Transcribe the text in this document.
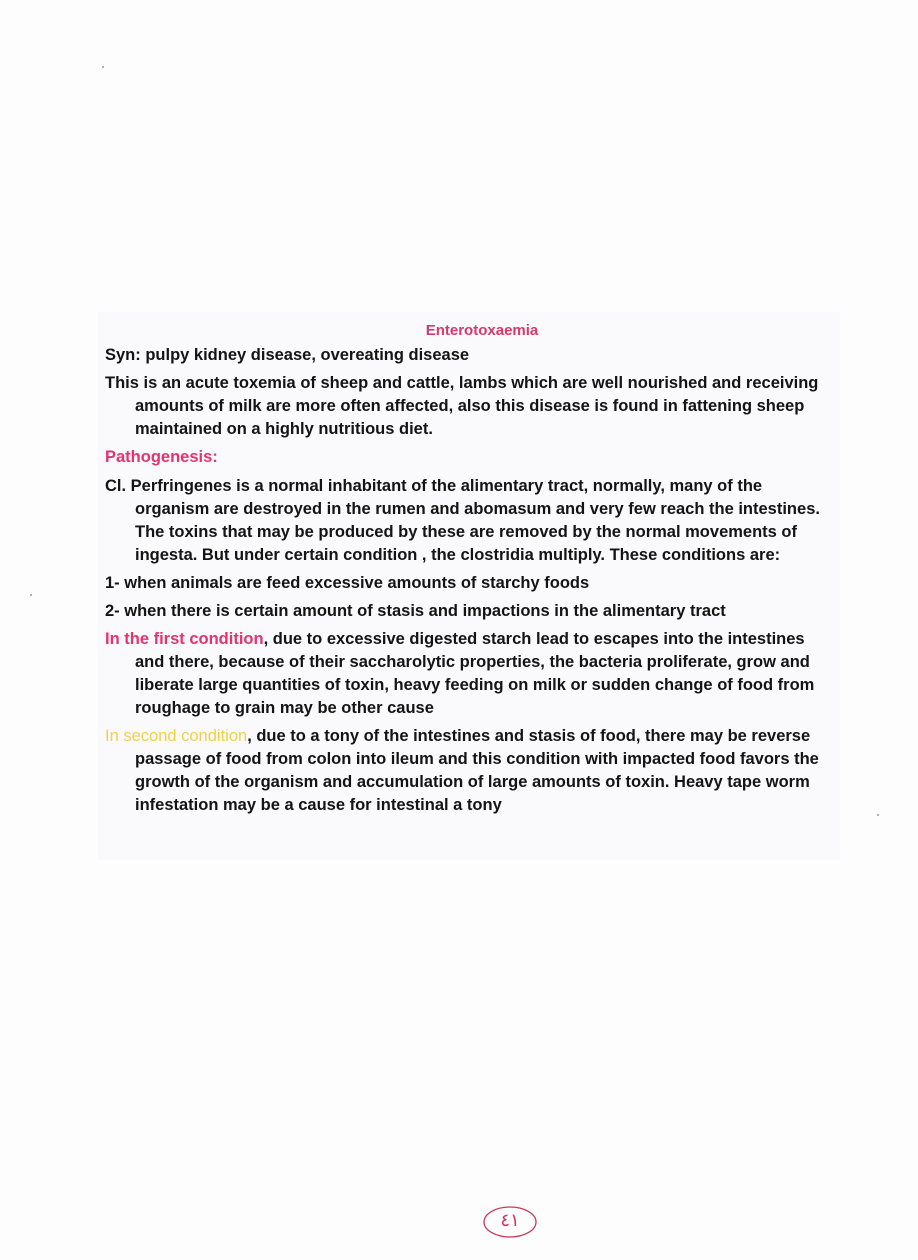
Enterotoxaemia

Syn: pulpy kidney disease, overeating disease

This is an acute toxemia of sheep and cattle, lambs which are well nourished and receiving amounts of milk are more often affected, also this disease is found in fattening sheep maintained on a highly nutritious diet.

Pathogenesis:

Cl. Perfringenes is a normal inhabitant of the alimentary tract, normally, many of the organism are destroyed in the rumen and abomasum and very few reach the intestines. The toxins that may be produced by these are removed by the normal movements of ingesta. But under certain condition , the clostridia multiply. These conditions are:

1- when animals are feed excessive amounts of starchy foods

2- when there is certain amount of stasis and impactions in the alimentary tract

In the first condition, due to excessive digested starch lead to escapes into the intestines and there, because of their saccharolytic properties, the bacteria proliferate, grow and liberate large quantities of toxin, heavy feeding on milk or sudden change of food from roughage to grain may be other cause

In second condition, due to a tony of the intestines and stasis of food, there may be reverse passage of food from colon into ileum and this condition with impacted food favors the growth of the organism and accumulation of large amounts of toxin. Heavy tape worm infestation may be a cause for intestinal a tony

٤١
